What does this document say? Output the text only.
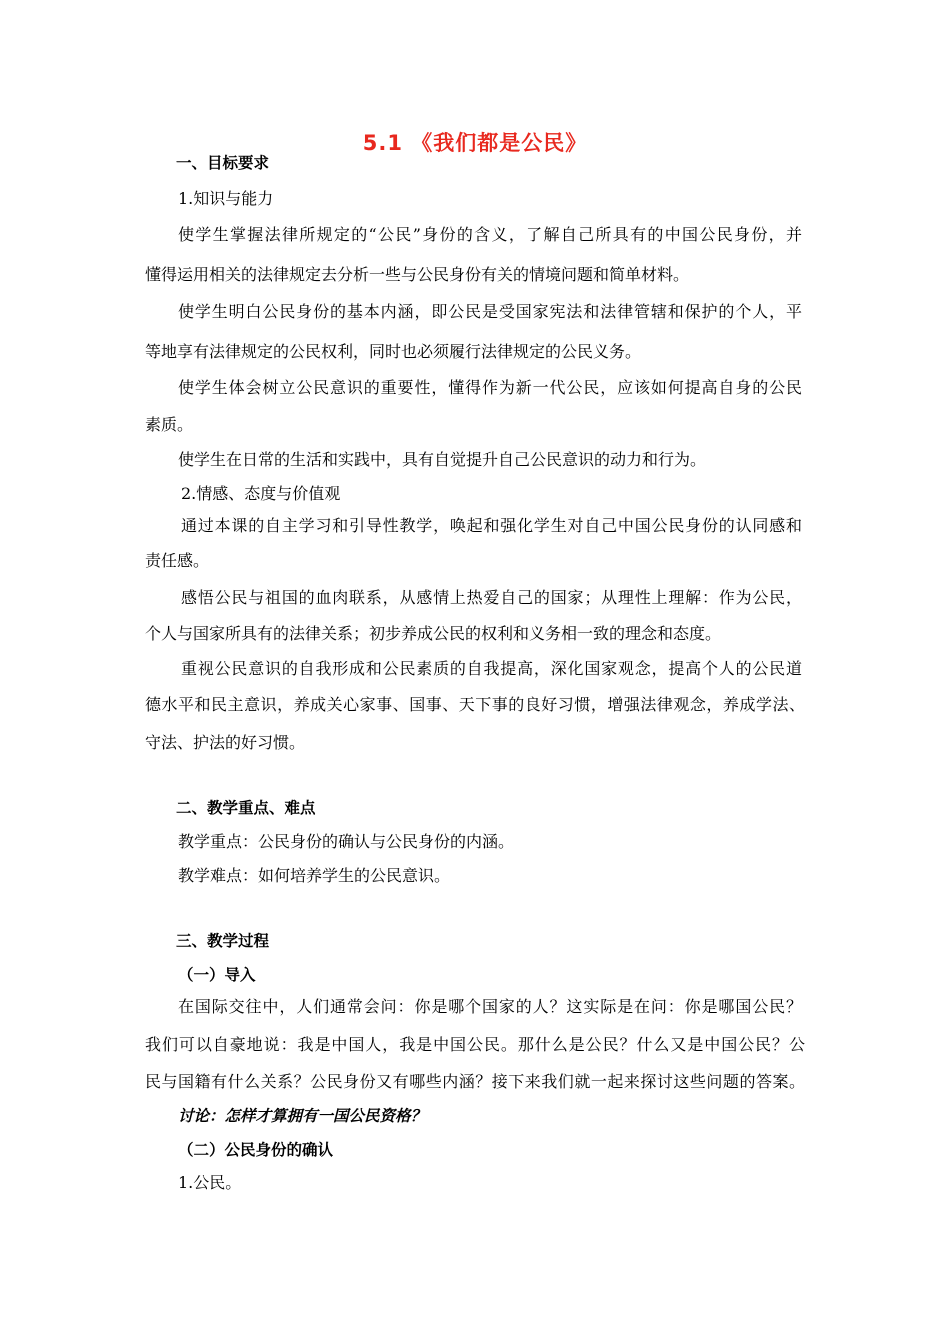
5.1 《我们都是公民》
一、目标要求
1.知识与能力
使学生掌握法律所规定的“公民”身份的含义，了解自己所具有的中国公民身份，并
懂得运用相关的法律规定去分析一些与公民身份有关的情境问题和简单材料。
使学生明白公民身份的基本内涵，即公民是受国家宪法和法律管辖和保护的个人，平
等地享有法律规定的公民权利，同时也必须履行法律规定的公民义务。
使学生体会树立公民意识的重要性，懂得作为新一代公民，应该如何提高自身的公民
素质。
使学生在日常的生活和实践中，具有自觉提升自己公民意识的动力和行为。
2.情感、态度与价值观
通过本课的自主学习和引导性教学，唤起和强化学生对自己中国公民身份的认同感和
责任感。
感悟公民与祖国的血肉联系，从感情上热爱自己的国家；从理性上理解：作为公民，
个人与国家所具有的法律关系；初步养成公民的权利和义务相一致的理念和态度。
重视公民意识的自我形成和公民素质的自我提高，深化国家观念，提高个人的公民道
德水平和民主意识，养成关心家事、国事、天下事的良好习惯，增强法律观念，养成学法、
守法、护法的好习惯。
二、教学重点、难点
教学重点：公民身份的确认与公民身份的内涵。
教学难点：如何培养学生的公民意识。
三、教学过程
（一）导入
在国际交往中，人们通常会问：你是哪个国家的人？这实际是在问：你是哪国公民？
我们可以自豪地说：我是中国人，我是中国公民。那什么是公民？什么又是中国公民？公
民与国籍有什么关系？公民身份又有哪些内涵？接下来我们就一起来探讨这些问题的答案。
讨论：怎样才算拥有一国公民资格？
（二）公民身份的确认
1.公民。
